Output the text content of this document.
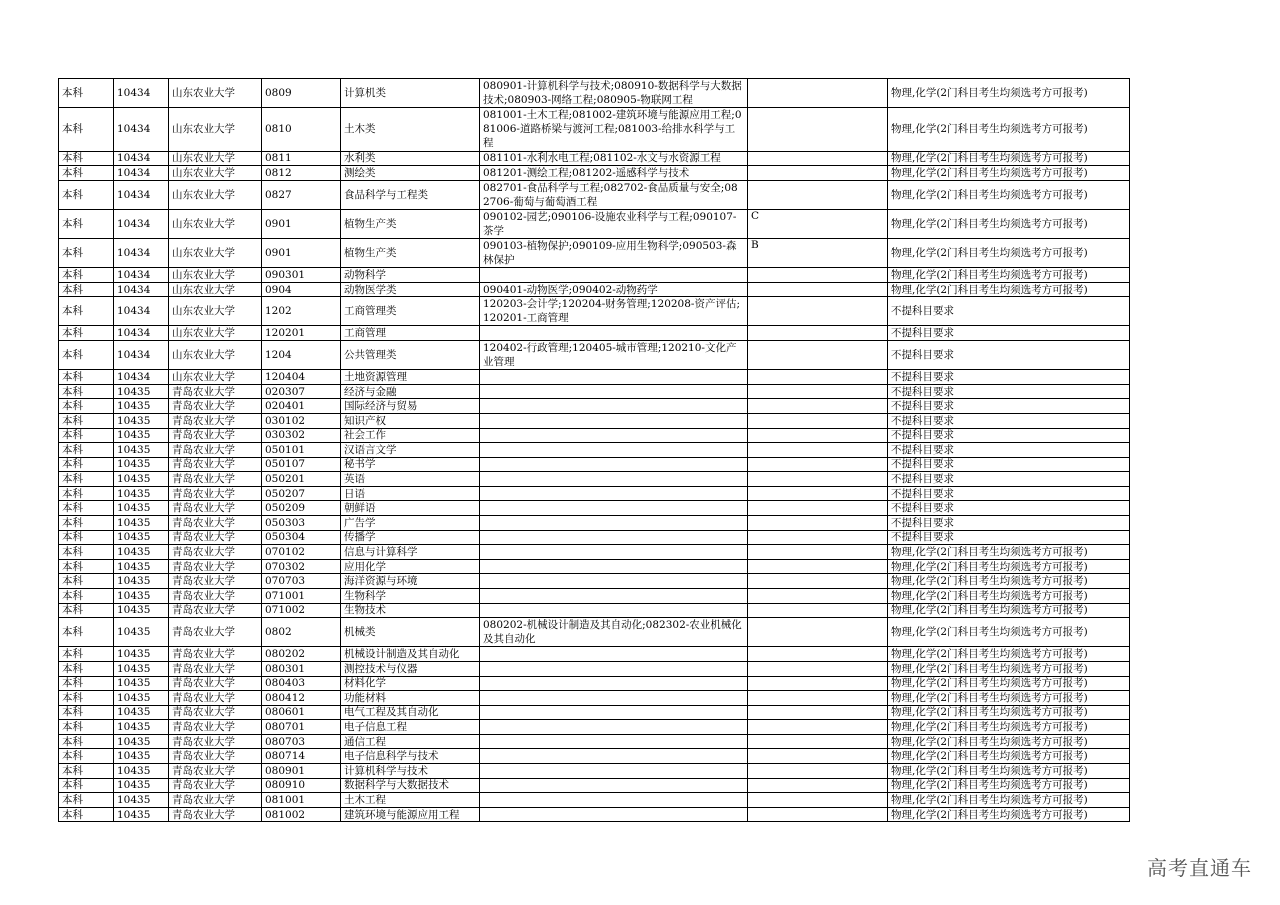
本科	10434	山东农业大学	0809	计算机类	080901-计算机科学与技术;080910-数据科学与大数据技术;080903-网络工程;080905-物联网工程		物理,化学(2门科目考生均须选考方可报考)
本科	10434	山东农业大学	0810	土木类	081001-土木工程;081002-建筑环境与能源应用工程;081006-道路桥梁与渡河工程;081003-给排水科学与工程		物理,化学(2门科目考生均须选考方可报考)
本科	10434	山东农业大学	0811	水利类	081101-水利水电工程;081102-水文与水资源工程		物理,化学(2门科目考生均须选考方可报考)
本科	10434	山东农业大学	0812	测绘类	081201-测绘工程;081202-遥感科学与技术		物理,化学(2门科目考生均须选考方可报考)
本科	10434	山东农业大学	0827	食品科学与工程类	082701-食品科学与工程;082702-食品质量与安全;082706-葡萄与葡萄酒工程		物理,化学(2门科目考生均须选考方可报考)
本科	10434	山东农业大学	0901	植物生产类	090102-园艺;090106-设施农业科学与工程;090107-茶学	C	物理,化学(2门科目考生均须选考方可报考)
本科	10434	山东农业大学	0901	植物生产类	090103-植物保护;090109-应用生物科学;090503-森林保护	B	物理,化学(2门科目考生均须选考方可报考)
本科	10434	山东农业大学	090301	动物科学			物理,化学(2门科目考生均须选考方可报考)
本科	10434	山东农业大学	0904	动物医学类	090401-动物医学;090402-动物药学		物理,化学(2门科目考生均须选考方可报考)
本科	10434	山东农业大学	1202	工商管理类	120203-会计学;120204-财务管理;120208-资产评估;120201-工商管理		不提科目要求
本科	10434	山东农业大学	120201	工商管理			不提科目要求
本科	10434	山东农业大学	1204	公共管理类	120402-行政管理;120405-城市管理;120210-文化产业管理		不提科目要求
本科	10434	山东农业大学	120404	土地资源管理			不提科目要求
本科	10435	青岛农业大学	020307	经济与金融			不提科目要求
本科	10435	青岛农业大学	020401	国际经济与贸易			不提科目要求
本科	10435	青岛农业大学	030102	知识产权			不提科目要求
本科	10435	青岛农业大学	030302	社会工作			不提科目要求
本科	10435	青岛农业大学	050101	汉语言文学			不提科目要求
本科	10435	青岛农业大学	050107	秘书学			不提科目要求
本科	10435	青岛农业大学	050201	英语			不提科目要求
本科	10435	青岛农业大学	050207	日语			不提科目要求
本科	10435	青岛农业大学	050209	朝鲜语			不提科目要求
本科	10435	青岛农业大学	050303	广告学			不提科目要求
本科	10435	青岛农业大学	050304	传播学			不提科目要求
本科	10435	青岛农业大学	070102	信息与计算科学			物理,化学(2门科目考生均须选考方可报考)
本科	10435	青岛农业大学	070302	应用化学			物理,化学(2门科目考生均须选考方可报考)
本科	10435	青岛农业大学	070703	海洋资源与环境			物理,化学(2门科目考生均须选考方可报考)
本科	10435	青岛农业大学	071001	生物科学			物理,化学(2门科目考生均须选考方可报考)
本科	10435	青岛农业大学	071002	生物技术			物理,化学(2门科目考生均须选考方可报考)
本科	10435	青岛农业大学	0802	机械类	080202-机械设计制造及其自动化;082302-农业机械化及其自动化		物理,化学(2门科目考生均须选考方可报考)
本科	10435	青岛农业大学	080202	机械设计制造及其自动化			物理,化学(2门科目考生均须选考方可报考)
本科	10435	青岛农业大学	080301	测控技术与仪器			物理,化学(2门科目考生均须选考方可报考)
本科	10435	青岛农业大学	080403	材料化学			物理,化学(2门科目考生均须选考方可报考)
本科	10435	青岛农业大学	080412	功能材料			物理,化学(2门科目考生均须选考方可报考)
本科	10435	青岛农业大学	080601	电气工程及其自动化			物理,化学(2门科目考生均须选考方可报考)
本科	10435	青岛农业大学	080701	电子信息工程			物理,化学(2门科目考生均须选考方可报考)
本科	10435	青岛农业大学	080703	通信工程			物理,化学(2门科目考生均须选考方可报考)
本科	10435	青岛农业大学	080714	电子信息科学与技术			物理,化学(2门科目考生均须选考方可报考)
本科	10435	青岛农业大学	080901	计算机科学与技术			物理,化学(2门科目考生均须选考方可报考)
本科	10435	青岛农业大学	080910	数据科学与大数据技术			物理,化学(2门科目考生均须选考方可报考)
本科	10435	青岛农业大学	081001	土木工程			物理,化学(2门科目考生均须选考方可报考)
本科	10435	青岛农业大学	081002	建筑环境与能源应用工程			物理,化学(2门科目考生均须选考方可报考)
高考直通车
